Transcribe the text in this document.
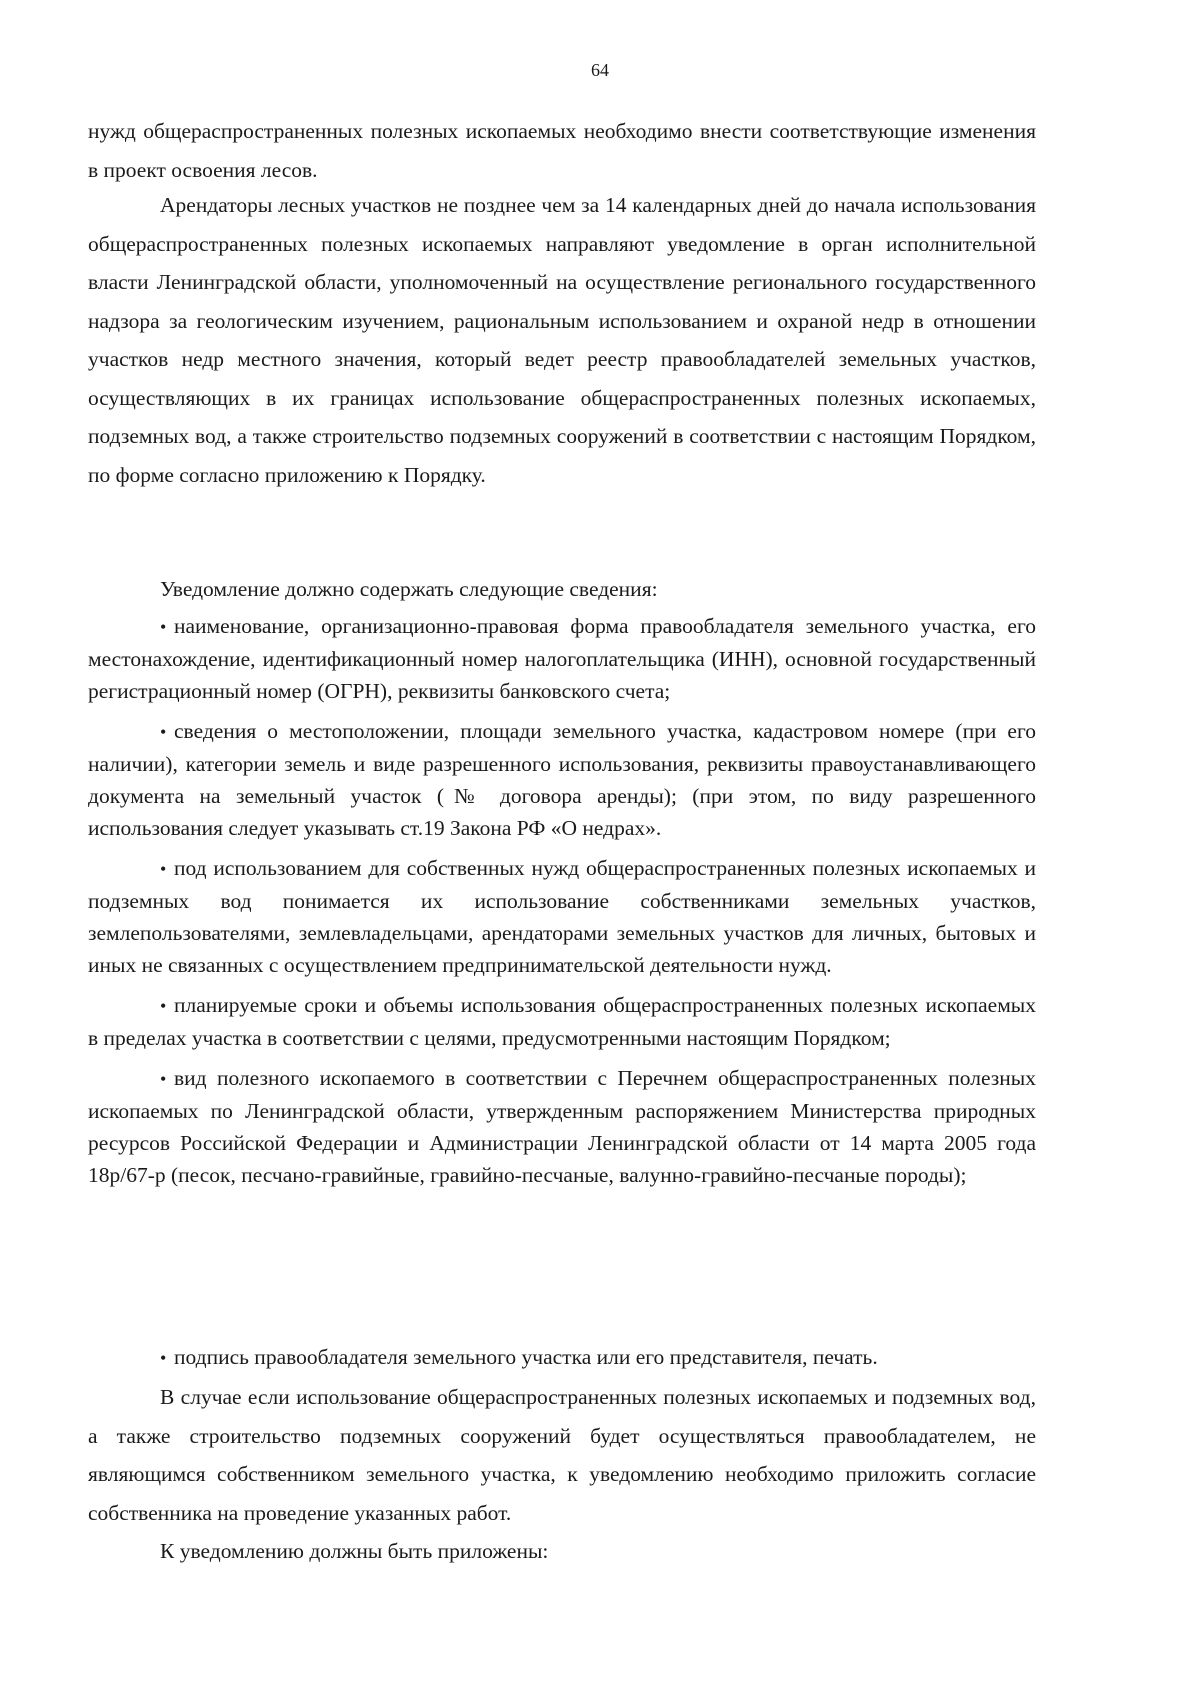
64

нужд общераспространенных полезных ископаемых необходимо внести соответствующие изменения в проект освоения лесов.

Арендаторы лесных участков не позднее чем за 14 календарных дней до начала использования общераспространенных полезных ископаемых направляют уведомление в орган исполнительной власти Ленинградской области, уполномоченный на осуществление регионального государственного надзора за геологическим изучением, рациональным использованием и охраной недр в отношении участков недр местного значения, который ведет реестр правообладателей земельных участков, осуществляющих в их границах использование общераспространенных полезных ископаемых, подземных вод, а также строительство подземных сооружений в соответствии с настоящим Порядком, по форме согласно приложению к Порядку.

Уведомление должно содержать следующие сведения:

• наименование, организационно-правовая форма правообладателя земельного участка, его местонахождение, идентификационный номер налогоплательщика (ИНН), основной государственный регистрационный номер (ОГРН), реквизиты банковского счета;

• сведения о местоположении, площади земельного участка, кадастровом номере (при его наличии), категории земель и виде разрешенного использования, реквизиты правоустанавливающего документа на земельный участок (№ договора аренды); (при этом, по виду разрешенного использования следует указывать ст.19 Закона РФ «О недрах».

• под использованием для собственных нужд общераспространенных полезных ископаемых и подземных вод понимается их использование собственниками земельных участков, землепользователями, землевладельцами, арендаторами земельных участков для личных, бытовых и иных не связанных с осуществлением предпринимательской деятельности нужд.

• планируемые сроки и объемы использования общераспространенных полезных ископаемых в пределах участка в соответствии с целями, предусмотренными настоящим Порядком;

• вид полезного ископаемого в соответствии с Перечнем общераспространенных полезных ископаемых по Ленинградской области, утвержденным распоряжением Министерства природных ресурсов Российской Федерации и Администрации Ленинградской области от 14 марта 2005 года 18р/67-р (песок, песчано-гравийные, гравийно-песчаные, валунно-гравийно-песчаные породы);

• подпись правообладателя земельного участка или его представителя, печать.

В случае если использование общераспространенных полезных ископаемых и подземных вод, а также строительство подземных сооружений будет осуществляться правообладателем, не являющимся собственником земельного участка, к уведомлению необходимо приложить согласие собственника на проведение указанных работ.

К уведомлению должны быть приложены:
